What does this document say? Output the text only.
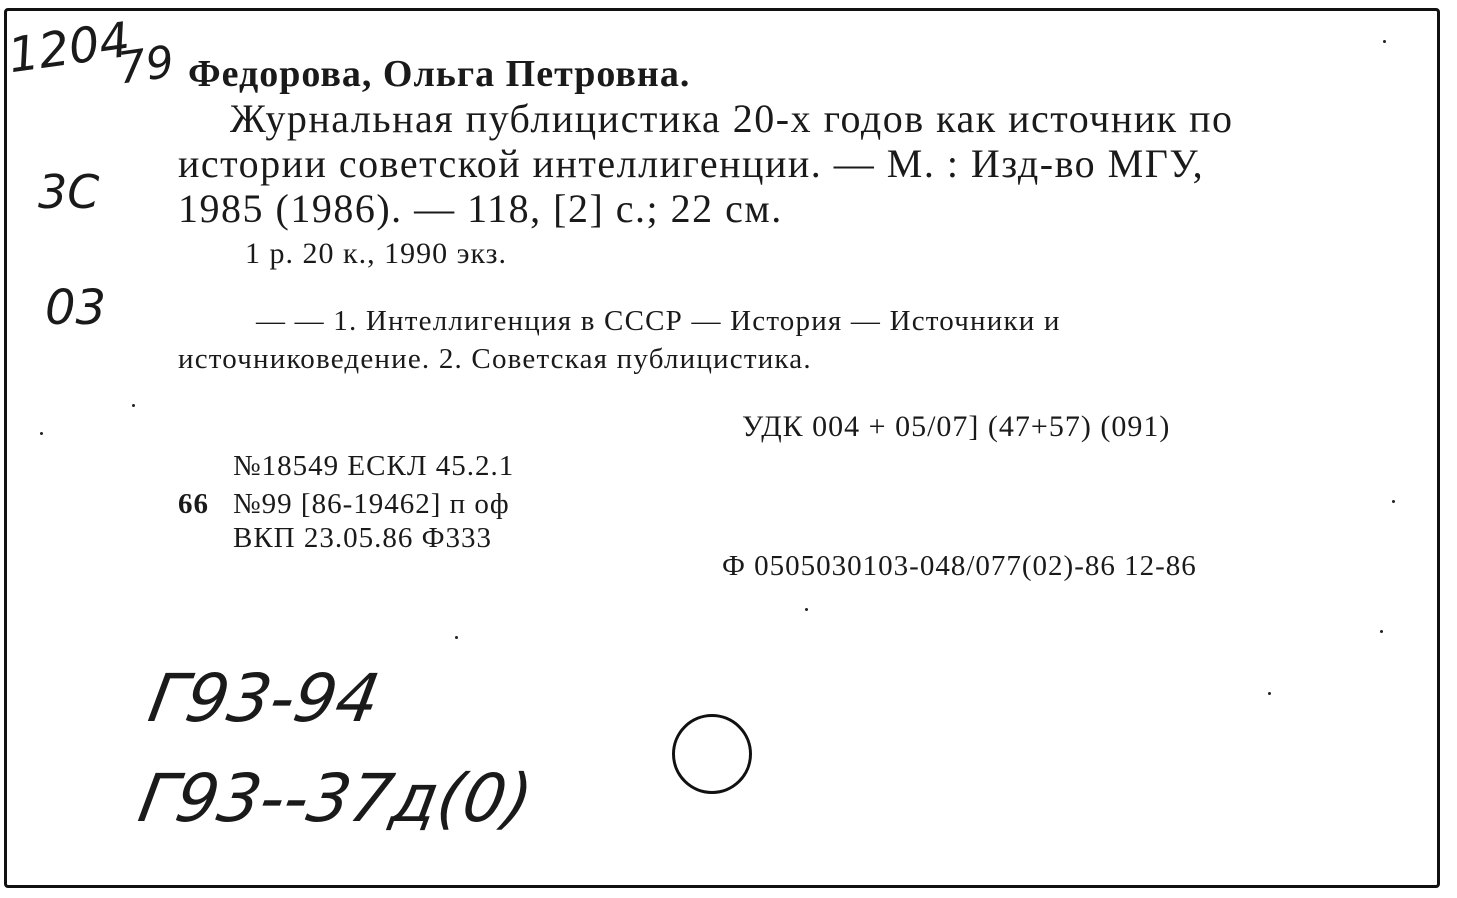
1204
79
3С
03
Г93-94
Г93--37д(0)
Федорова, Ольга Петровна.
Журнальная публицистика 20-х годов как источник по
истории советской интеллигенции. — М. : Изд-во МГУ,
1985 (1986). — 118, [2] с.; 22 см.
1 р. 20 к., 1990 экз.
— — 1. Интеллигенция в СССР — История — Источники и
источниковедение. 2. Советская публицистика.
УДК 004 + 05/07] (47+57) (091)
№18549 ЕСКЛ 45.2.1
66 №99 [86-19462] п оф
ВКП 23.05.86 Ф333
Ф 0505030103-048/077(02)-86 12-86
